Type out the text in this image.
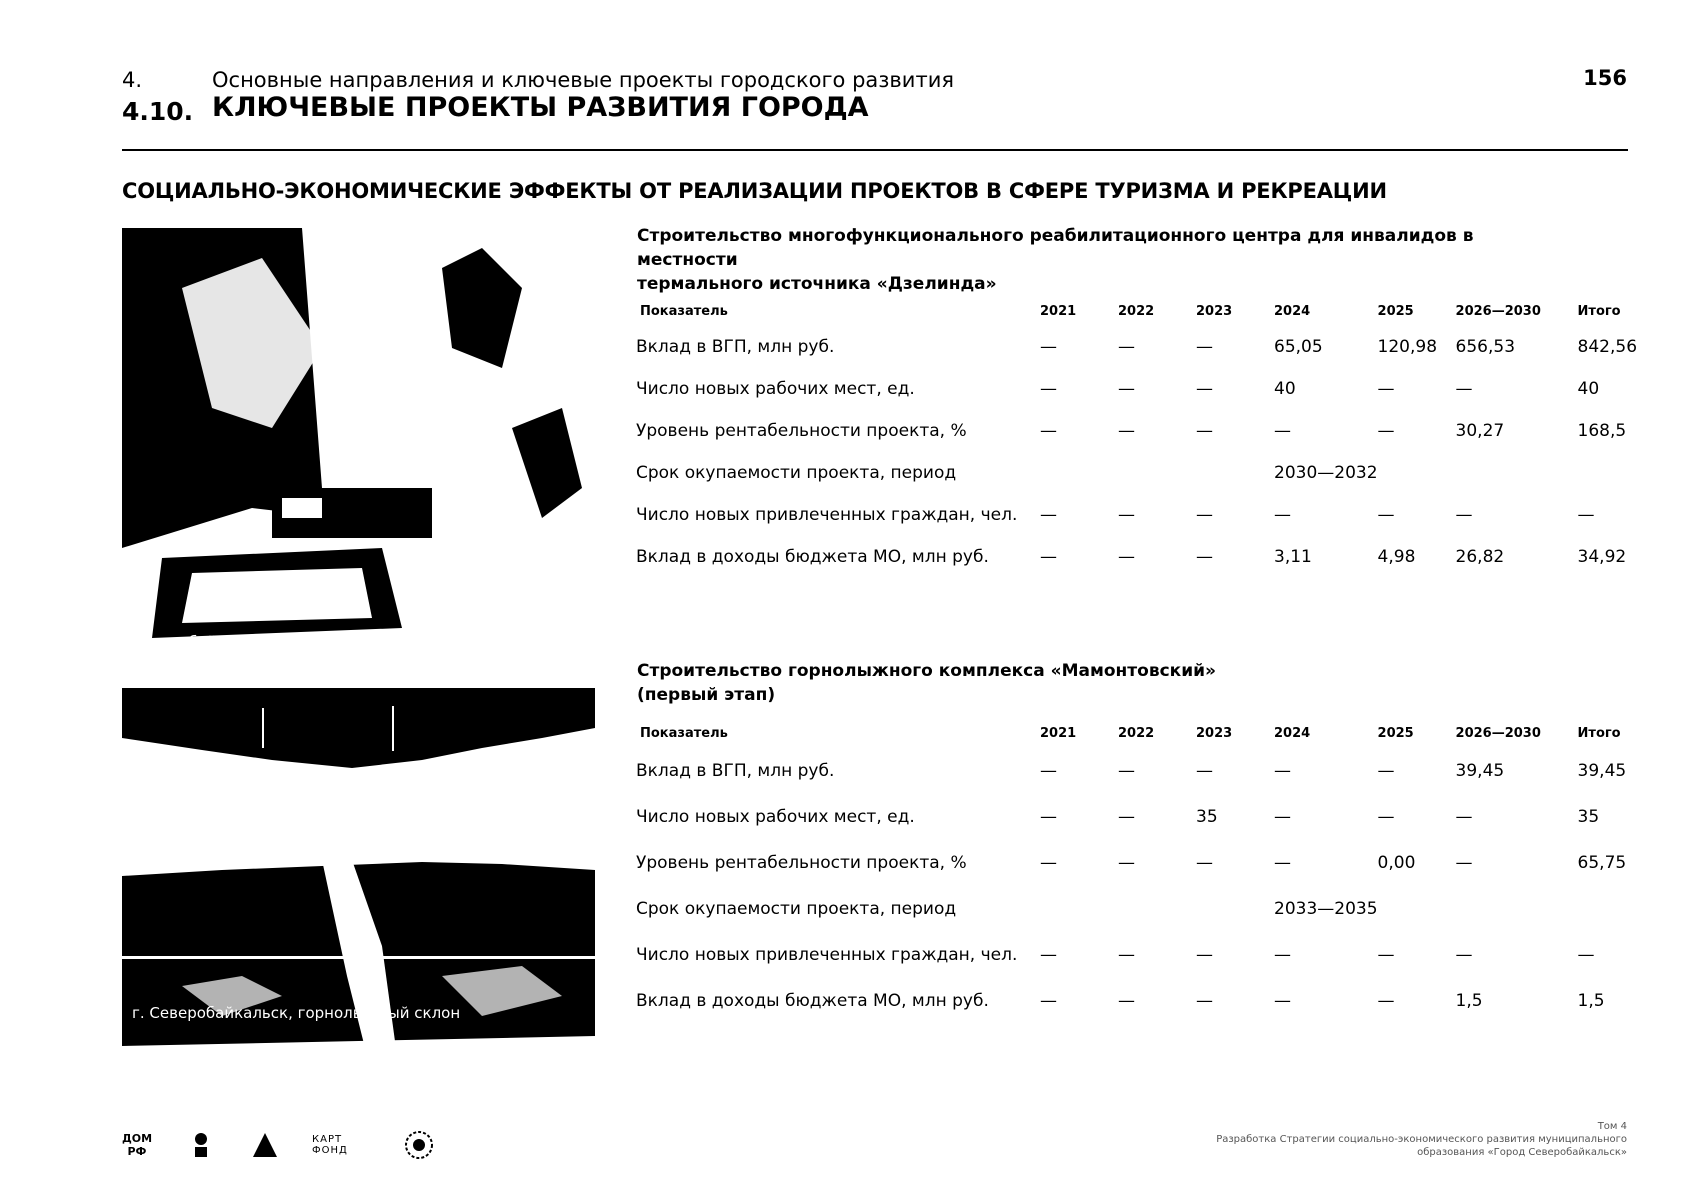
4.	Основные направления и ключевые проекты городского развития
4.10. КЛЮЧЕВЫЕ ПРОЕКТЫ РАЗВИТИЯ ГОРОДА
156
СОЦИАЛЬНО-ЭКОНОМИЧЕСКИЕ ЭФФЕКТЫ ОТ РЕАЛИЗАЦИИ ПРОЕКТОВ В СФЕРЕ ТУРИЗМА И РЕКРЕАЦИИ
Северобайкальск, курорт Дзелинда
г. Северобайкальск, горнолыжный склон
Строительство многофункционального реабилитационного центра для инвалидов в местности
термального источника «Дзелинда»
Показатель	2021	2022	2023	2024	2025	2026—2030	Итого
Вклад в ВГП, млн руб.	—	—	—	65,05	120,98	656,53	842,56
Число новых рабочих мест, ед.	—	—	—	40	—	—	40
Уровень рентабельности проекта, %	—	—	—	—	—	30,27	168,5
Срок окупаемости проекта, период				2030—2032			
Число новых привлеченных граждан, чел.	—	—	—	—	—	—	—
Вклад в доходы бюджета МО, млн руб.	—	—	—	3,11	4,98	26,82	34,92
Строительство горнолыжного комплекса «Мамонтовский»
(первый этап)
Показатель	2021	2022	2023	2024	2025	2026—2030	Итого
Вклад в ВГП, млн руб.	—	—	—	—	—	39,45	39,45
Число новых рабочих мест, ед.	—	—	35	—	—	—	35
Уровень рентабельности проекта, %	—	—	—	—	0,00	—	65,75
Срок окупаемости проекта, период				2033—2035			
Число новых привлеченных граждан, чел.	—	—	—	—	—	—	—
Вклад в доходы бюджета МО, млн руб.	—	—	—	—	—	1,5	1,5
ДОМ РФ
КАРТ ФОНД
Том 4
Разработка Стратегии социально-экономического развития муниципального
образования «Город Северобайкальск»
